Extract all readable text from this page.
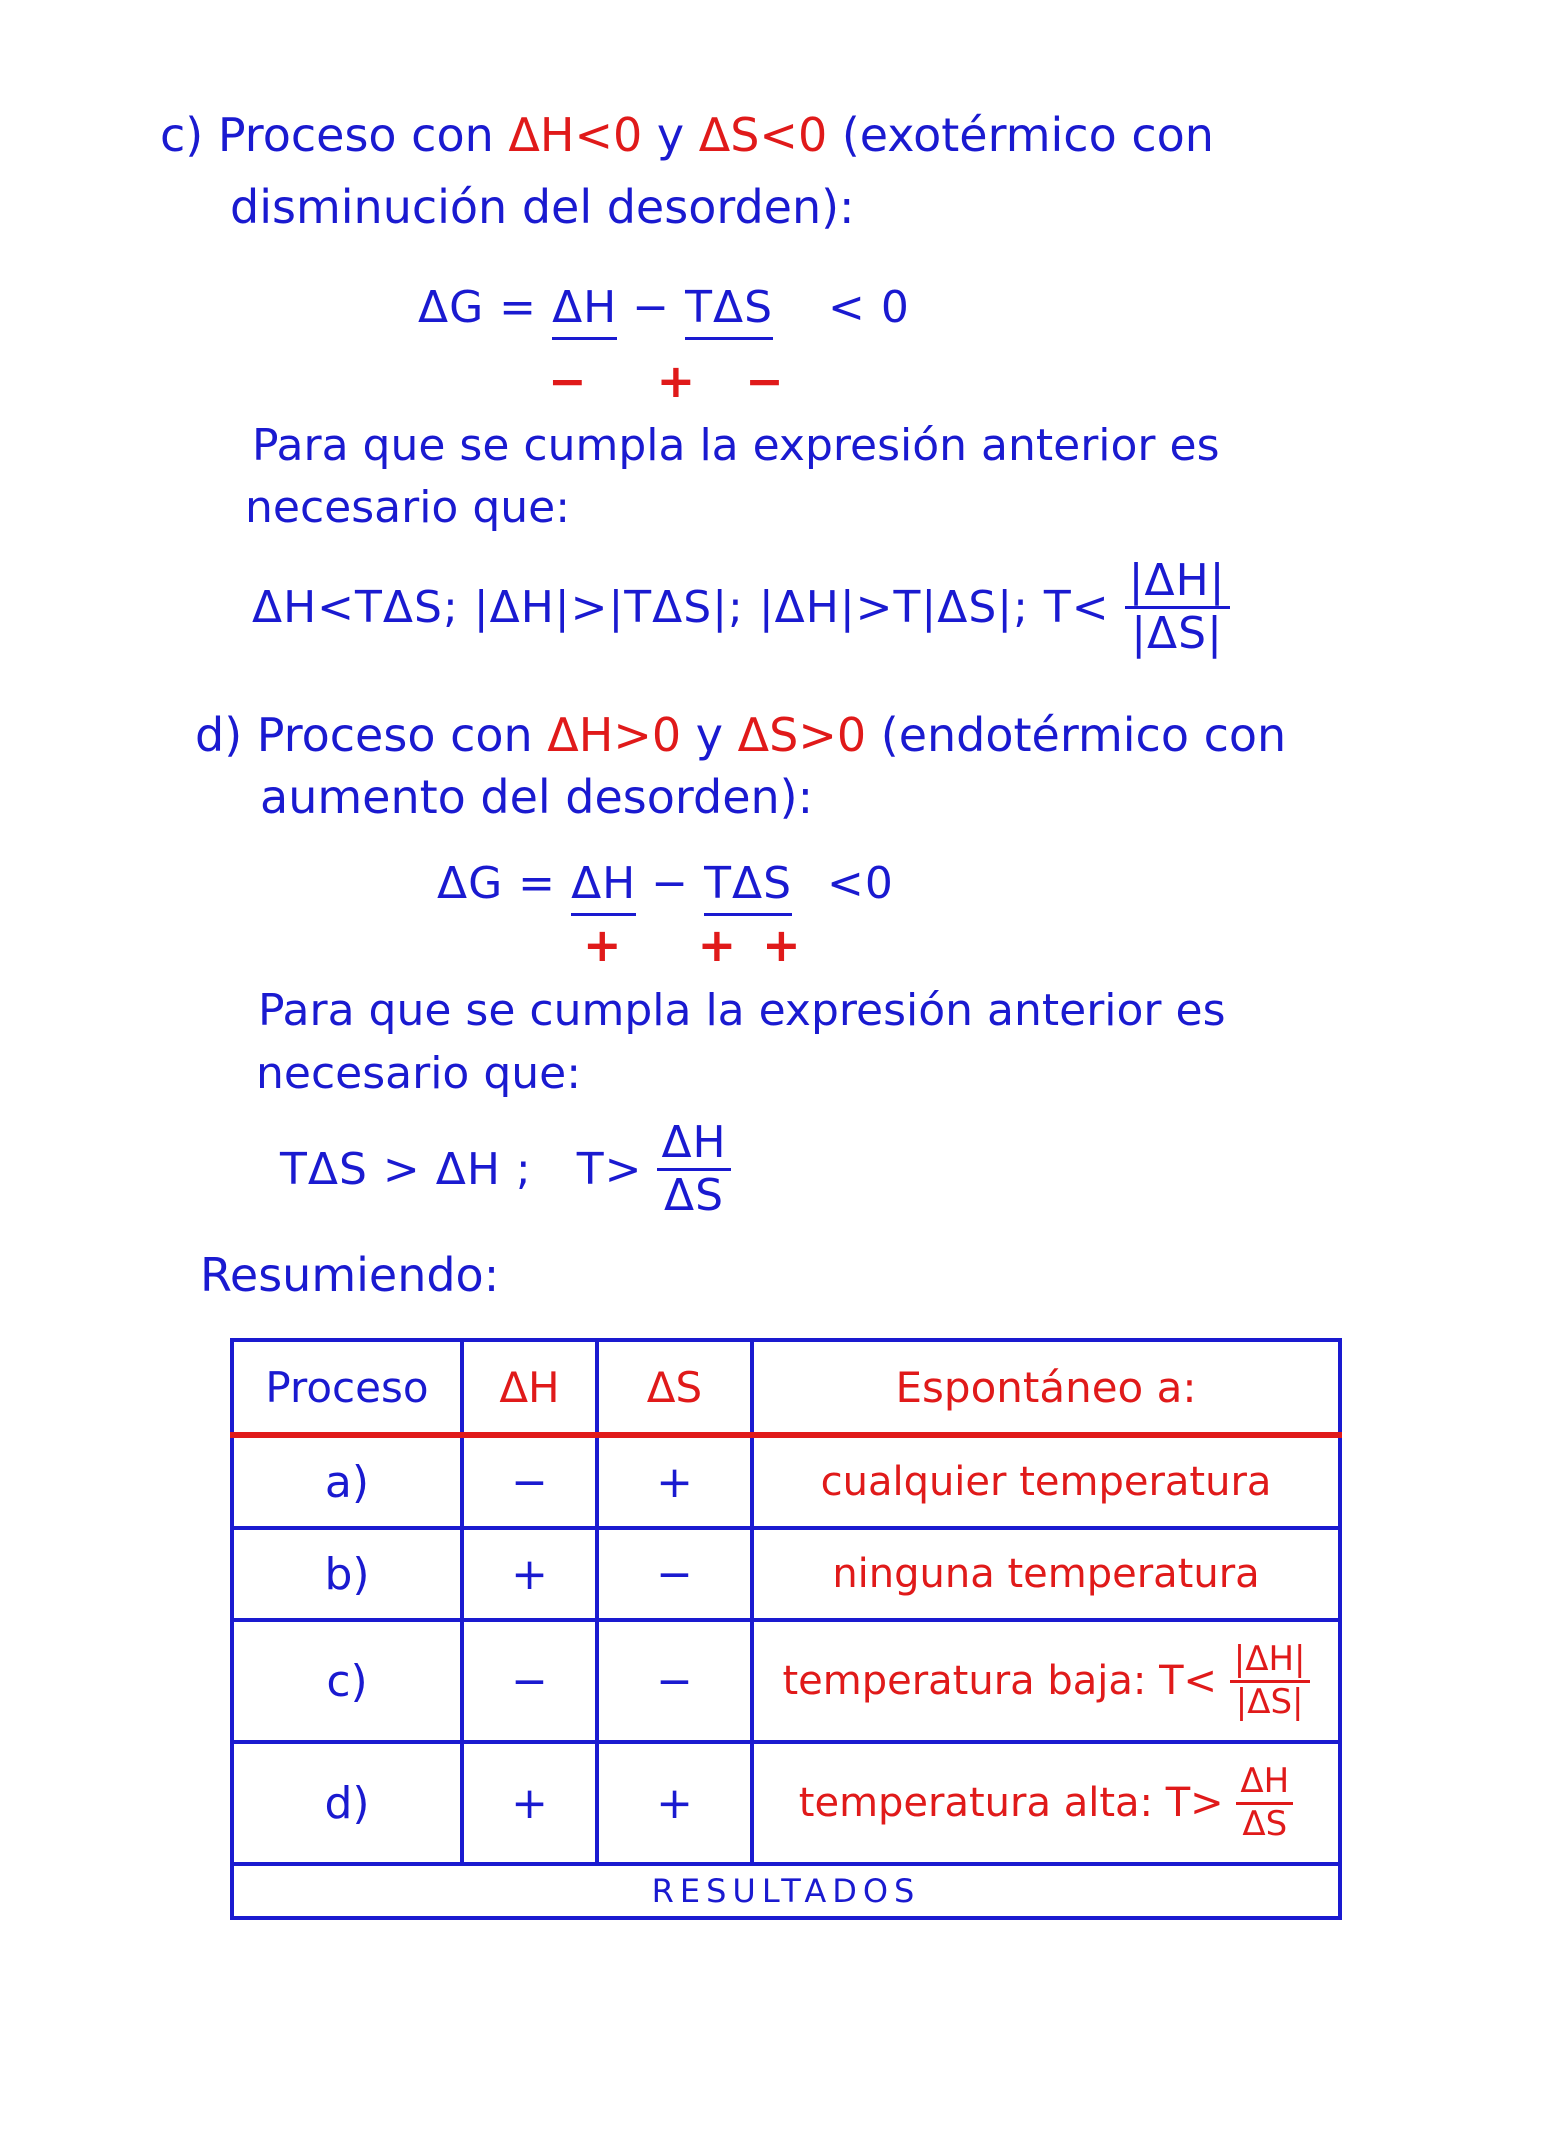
c) Proceso con ΔH<0 y ΔS<0 (exotérmico con
disminución del desorden):
ΔG = ΔH − TΔS < 0
− + −
Para que se cumpla la expresión anterior es
necesario que:
ΔH<TΔS; |ΔH|>|TΔS|; |ΔH|>T|ΔS|; $T< \frac{|\Delta H|}{|\Delta S|}$
d) Proceso con ΔH>0 y ΔS>0 (endotérmico con
aumento del desorden):
ΔG = ΔH − TΔS <0
+ + +
Para que se cumpla la expresión anterior es
necesario que:
TΔS > ΔH ;   $T> \frac{\Delta H}{\Delta S}$
Resumiendo:
Proceso	ΔH	ΔS	Espontáneo a:
a)	−	+	cualquier temperatura
b)	+	−	ninguna temperatura
c)	−	−	temperatura baja: $T< \frac{|\Delta H|}{|\Delta S|}$

d)	+	+	temperatura alta: $T> \frac{\Delta H}{\Delta S}$

RESULTADOS			
